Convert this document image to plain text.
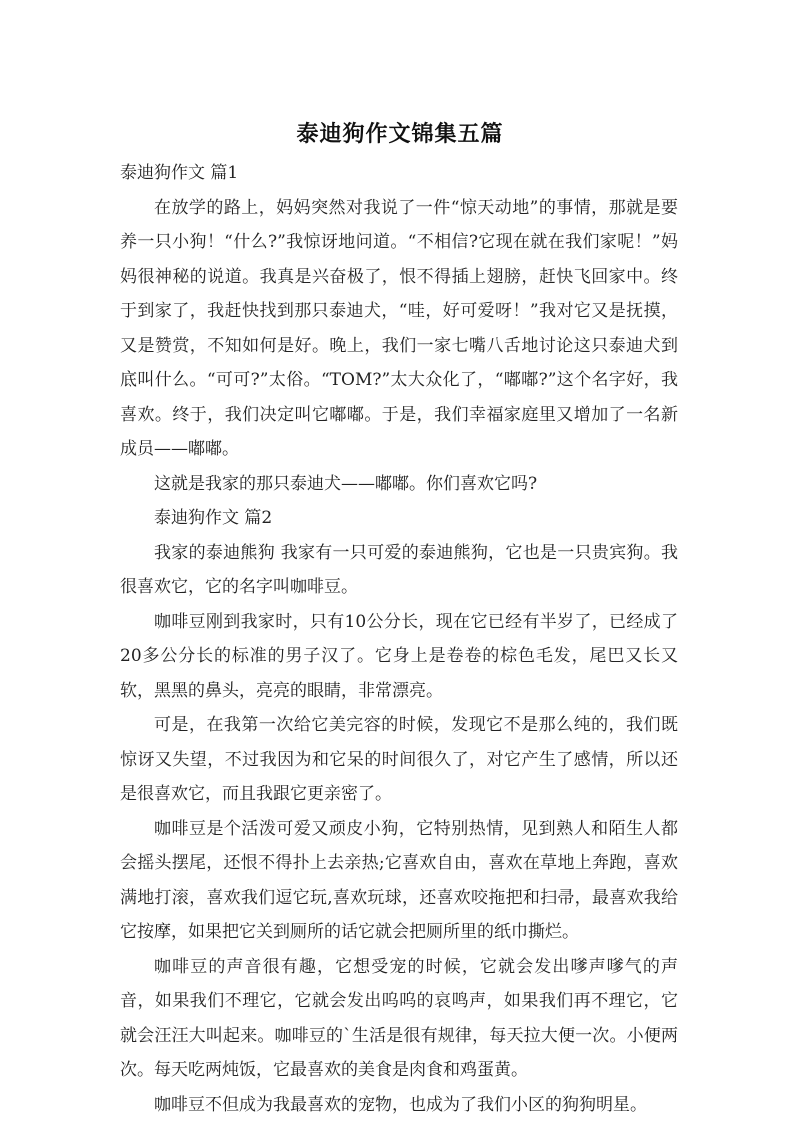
泰迪狗作文锦集五篇

泰迪狗作文 篇1

在放学的路上，妈妈突然对我说了一件“惊天动地”的事情，那就是要养一只小狗！“什么?”我惊讶地问道。“不相信?它现在就在我们家呢！”妈妈很神秘的说道。我真是兴奋极了，恨不得插上翅膀，赶快飞回家中。终于到家了，我赶快找到那只泰迪犬，“哇，好可爱呀！”我对它又是抚摸，又是赞赏，不知如何是好。晚上，我们一家七嘴八舌地讨论这只泰迪犬到底叫什么。“可可?”太俗。“TOM?”太大众化了，“嘟嘟?”这个名字好，我喜欢。终于，我们决定叫它嘟嘟。于是，我们幸福家庭里又增加了一名新成员——嘟嘟。

这就是我家的那只泰迪犬——嘟嘟。你们喜欢它吗?

泰迪狗作文 篇2

我家的泰迪熊狗 我家有一只可爱的泰迪熊狗，它也是一只贵宾狗。我很喜欢它，它的名字叫咖啡豆。

咖啡豆刚到我家时，只有10公分长，现在它已经有半岁了，已经成了20多公分长的标准的男子汉了。它身上是卷卷的棕色毛发，尾巴又长又软，黑黑的鼻头，亮亮的眼睛，非常漂亮。

可是，在我第一次给它美完容的时候，发现它不是那么纯的，我们既惊讶又失望，不过我因为和它呆的时间很久了，对它产生了感情，所以还是很喜欢它，而且我跟它更亲密了。

咖啡豆是个活泼可爱又顽皮小狗，它特别热情，见到熟人和陌生人都会摇头摆尾，还恨不得扑上去亲热;它喜欢自由，喜欢在草地上奔跑，喜欢满地打滚，喜欢我们逗它玩,喜欢玩球，还喜欢咬拖把和扫帚，最喜欢我给它按摩，如果把它关到厕所的话它就会把厕所里的纸巾撕烂。

咖啡豆的声音很有趣，它想受宠的时候，它就会发出嗲声嗲气的声音，如果我们不理它，它就会发出呜呜的哀鸣声，如果我们再不理它，它就会汪汪大叫起来。咖啡豆的`生活是很有规律，每天拉大便一次。小便两次。每天吃两炖饭，它最喜欢的美食是肉食和鸡蛋黄。

咖啡豆不但成为我最喜欢的宠物，也成为了我们小区的狗狗明星。
